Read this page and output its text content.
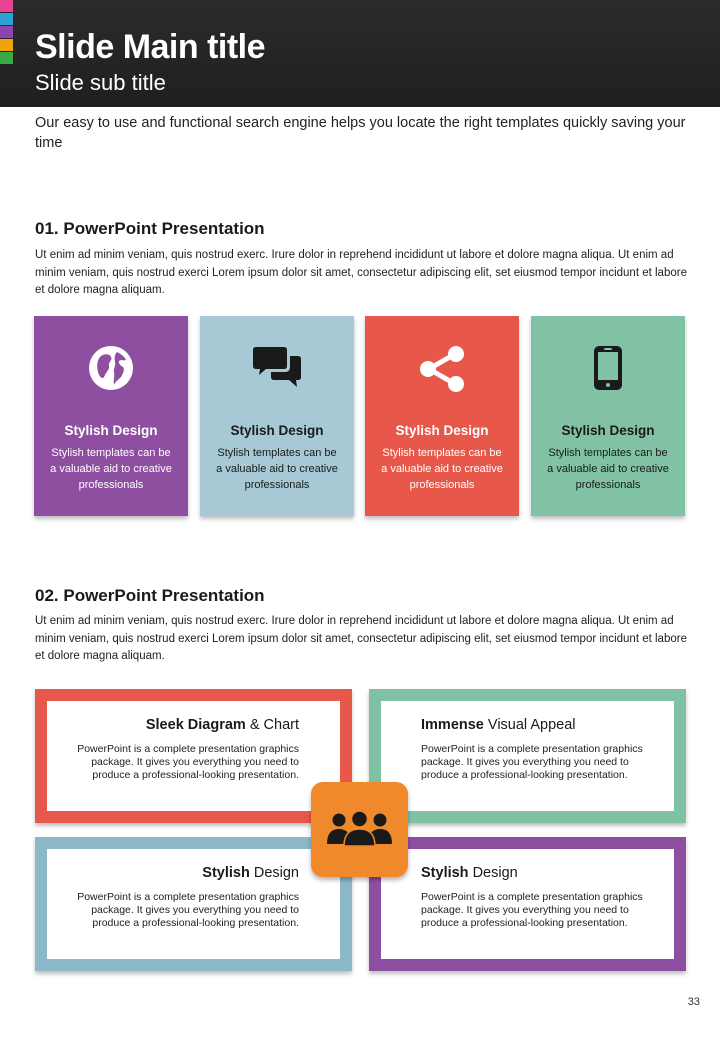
Slide Main title
Slide sub title
Our easy to use and functional search engine helps you locate the right templates quickly saving your time
01. PowerPoint Presentation
Ut enim ad minim veniam, quis nostrud exerc. Irure dolor in reprehend incididunt ut labore et dolore magna aliqua. Ut enim ad minim veniam, quis nostrud exerci Lorem ipsum dolor sit amet, consectetur adipiscing elit, set eiusmod tempor incidunt et labore et dolore magna aliquam.
Stylish Design
Stylish templates can be a valuable aid to creative professionals
Stylish Design
Stylish templates can be a valuable aid to creative professionals
Stylish Design
Stylish templates can be a valuable aid to creative professionals
Stylish Design
Stylish templates can be a valuable aid to creative professionals
02. PowerPoint Presentation
Ut enim ad minim veniam, quis nostrud exerc. Irure dolor in reprehend incididunt ut labore et dolore magna aliqua. Ut enim ad minim veniam, quis nostrud exerci Lorem ipsum dolor sit amet, consectetur adipiscing elit, set eiusmod tempor incidunt et labore et dolore magna aliquam.
Sleek Diagram & Chart
PowerPoint is a complete presentation graphics package. It gives you everything you need to produce a professional-looking presentation.
Immense Visual Appeal
PowerPoint is a complete presentation graphics package. It gives you everything you need to produce a professional-looking presentation.
Stylish Design
PowerPoint is a complete presentation graphics package. It gives you everything you need to produce a professional-looking presentation.
Stylish Design
PowerPoint is a complete presentation graphics package. It gives you everything you need to produce a professional-looking presentation.
33
